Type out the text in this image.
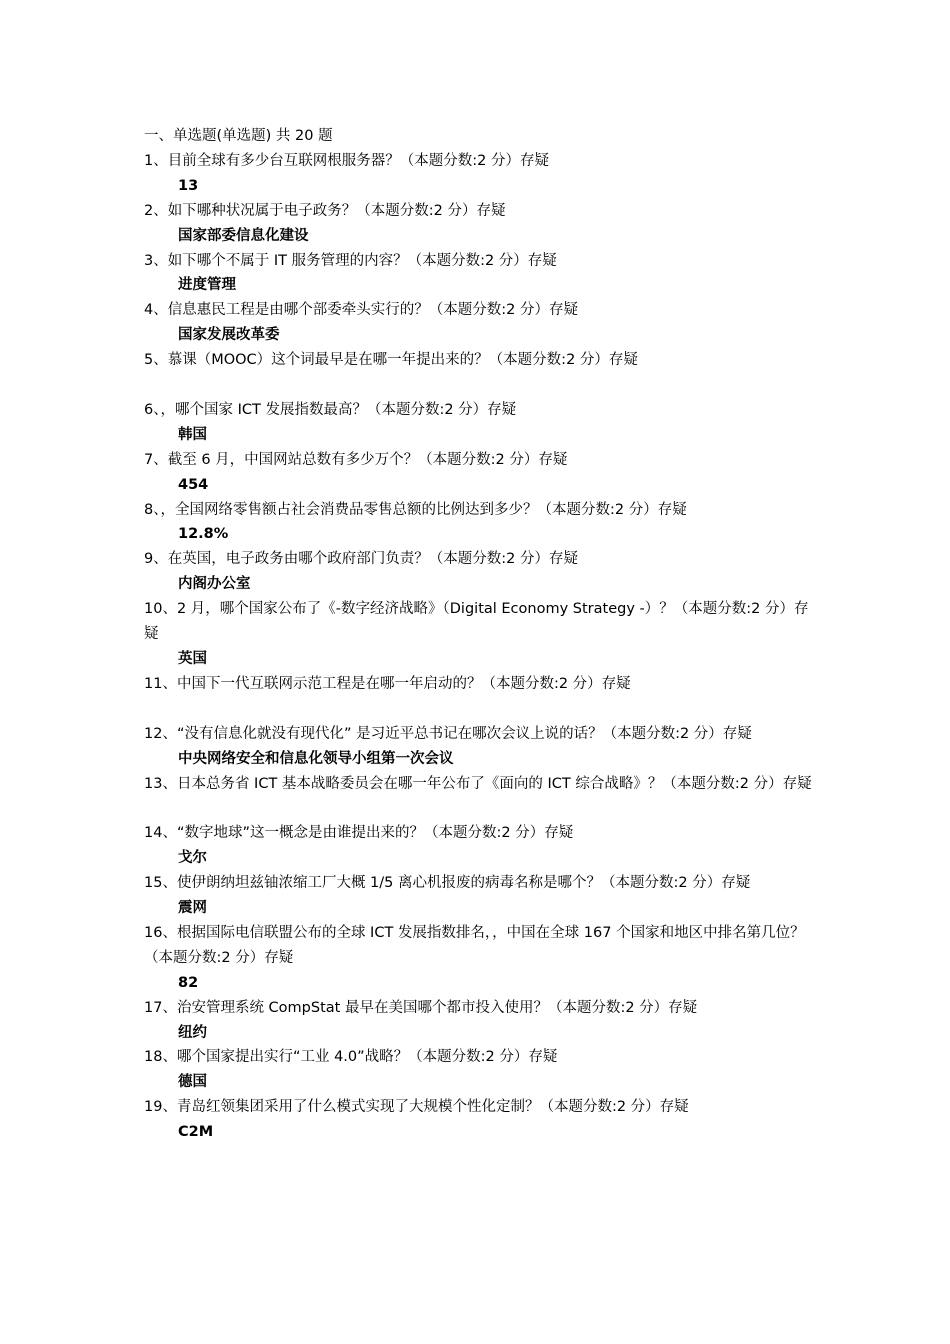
一、单选题(单选题) 共 20 题
1、目前全球有多少台互联网根服务器？（本题分数:2 分）存疑
13
2、如下哪种状况属于电子政务？（本题分数:2 分）存疑
国家部委信息化建设
3、如下哪个不属于 IT 服务管理的内容？（本题分数:2 分）存疑
进度管理
4、信息惠民工程是由哪个部委牵头实行的？（本题分数:2 分）存疑
国家发展改革委
5、慕课（MOOC）这个词最早是在哪一年提出来的？（本题分数:2 分）存疑
6、，哪个国家 ICT 发展指数最高？（本题分数:2 分）存疑
韩国
7、截至 6 月，中国网站总数有多少万个？（本题分数:2 分）存疑
454
8、，全国网络零售额占社会消费品零售总额的比例达到多少？（本题分数:2 分）存疑
12.8%
9、在英国，电子政务由哪个政府部门负责？（本题分数:2 分）存疑
内阁办公室
10、2 月，哪个国家公布了《-数字经济战略》（Digital Economy Strategy -）？（本题分数:2 分）存疑
英国
11、中国下一代互联网示范工程是在哪一年启动的？（本题分数:2 分）存疑
12、“没有信息化就没有现代化” 是习近平总书记在哪次会议上说的话？（本题分数:2 分）存疑
中央网络安全和信息化领导小组第一次会议
13、日本总务省 ICT 基本战略委员会在哪一年公布了《面向的 ICT 综合战略》？（本题分数:2 分）存疑
14、“数字地球”这一概念是由谁提出来的？（本题分数:2 分）存疑
戈尔
15、使伊朗纳坦兹铀浓缩工厂大概 1/5 离心机报废的病毒名称是哪个？（本题分数:2 分）存疑
震网
16、根据国际电信联盟公布的全球 ICT 发展指数排名，，中国在全球 167 个国家和地区中排名第几位？（本题分数:2 分）存疑
82
17、治安管理系统 CompStat 最早在美国哪个都市投入使用？（本题分数:2 分）存疑
纽约
18、哪个国家提出实行“工业 4.0”战略？（本题分数:2 分）存疑
德国
19、青岛红领集团采用了什么模式实现了大规模个性化定制？（本题分数:2 分）存疑
C2M
